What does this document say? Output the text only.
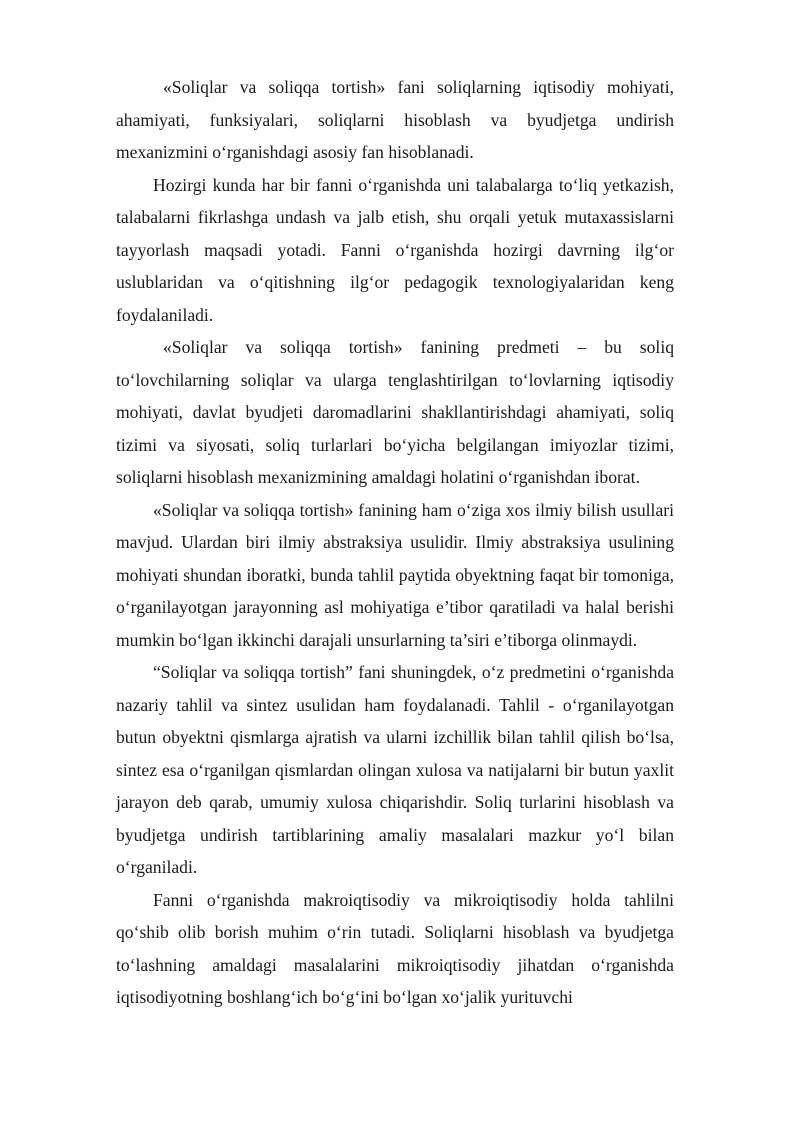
«Soliqlar va soliqqa tortish» fani soliqlarning iqtisodiy mohiyati, ahamiyati, funksiyalari, soliqlarni hisoblash va byudjetga undirish mexanizmini o‘rganishdagi asosiy fan hisoblanadi.

Hozirgi kunda har bir fanni o‘rganishda uni talabalarga to‘liq yetkazish, talabalarni fikrlashga undash va jalb etish, shu orqali yetuk mutaxassislarni tayyorlash maqsadi yotadi. Fanni o‘rganishda hozirgi davrning ilg‘or uslublaridan va o‘qitishning ilg‘or pedagogik texnologiyalaridan keng foydalaniladi.

«Soliqlar va soliqqa tortish» fanining predmeti – bu soliq to‘lovchilarning soliqlar va ularga tenglashtirilgan to‘lovlarning iqtisodiy mohiyati, davlat byudjeti daromadlarini shakllantirishdagi ahamiyati, soliq tizimi va siyosati, soliq turlarlari bo‘yicha belgilangan imiyozlar tizimi, soliqlarni hisoblash mexanizmining amaldagi holatini o‘rganishdan iborat.

«Soliqlar va soliqqa tortish» fanining ham o‘ziga xos ilmiy bilish usullari mavjud. Ulardan biri ilmiy abstraksiya usulidir. Ilmiy abstraksiya usulining mohiyati shundan iboratki, bunda tahlil paytida obyektning faqat bir tomoniga, o‘rganilayotgan jarayonning asl mohiyatiga e’tibor qaratiladi va halal berishi mumkin bo‘lgan ikkinchi darajali unsurlarning ta’siri e’tiborga olinmaydi.

“Soliqlar va soliqqa tortish” fani shuningdek, o‘z predmetini o‘rganishda nazariy tahlil va sintez usulidan ham foydalanadi. Tahlil - o‘rganilayotgan butun obyektni qismlarga ajratish va ularni izchillik bilan tahlil qilish bo‘lsa, sintez esa o‘rganilgan qismlardan olingan xulosa va natijalarni bir butun yaxlit jarayon deb qarab, umumiy xulosa chiqarishdir. Soliq turlarini hisoblash va byudjetga undirish tartiblarining amaliy masalalari mazkur yo‘l bilan o‘rganiladi.

Fanni o‘rganishda makroiqtisodiy va mikroiqtisodiy holda tahlilni qo‘shib olib borish muhim o‘rin tutadi. Soliqlarni hisoblash va byudjetga to‘lashning amaldagi masalalarini mikroiqtisodiy jihatdan o‘rganishda iqtisodiyotning boshlang‘ich bo‘g‘ini bo‘lgan xo‘jalik yurituvchi
